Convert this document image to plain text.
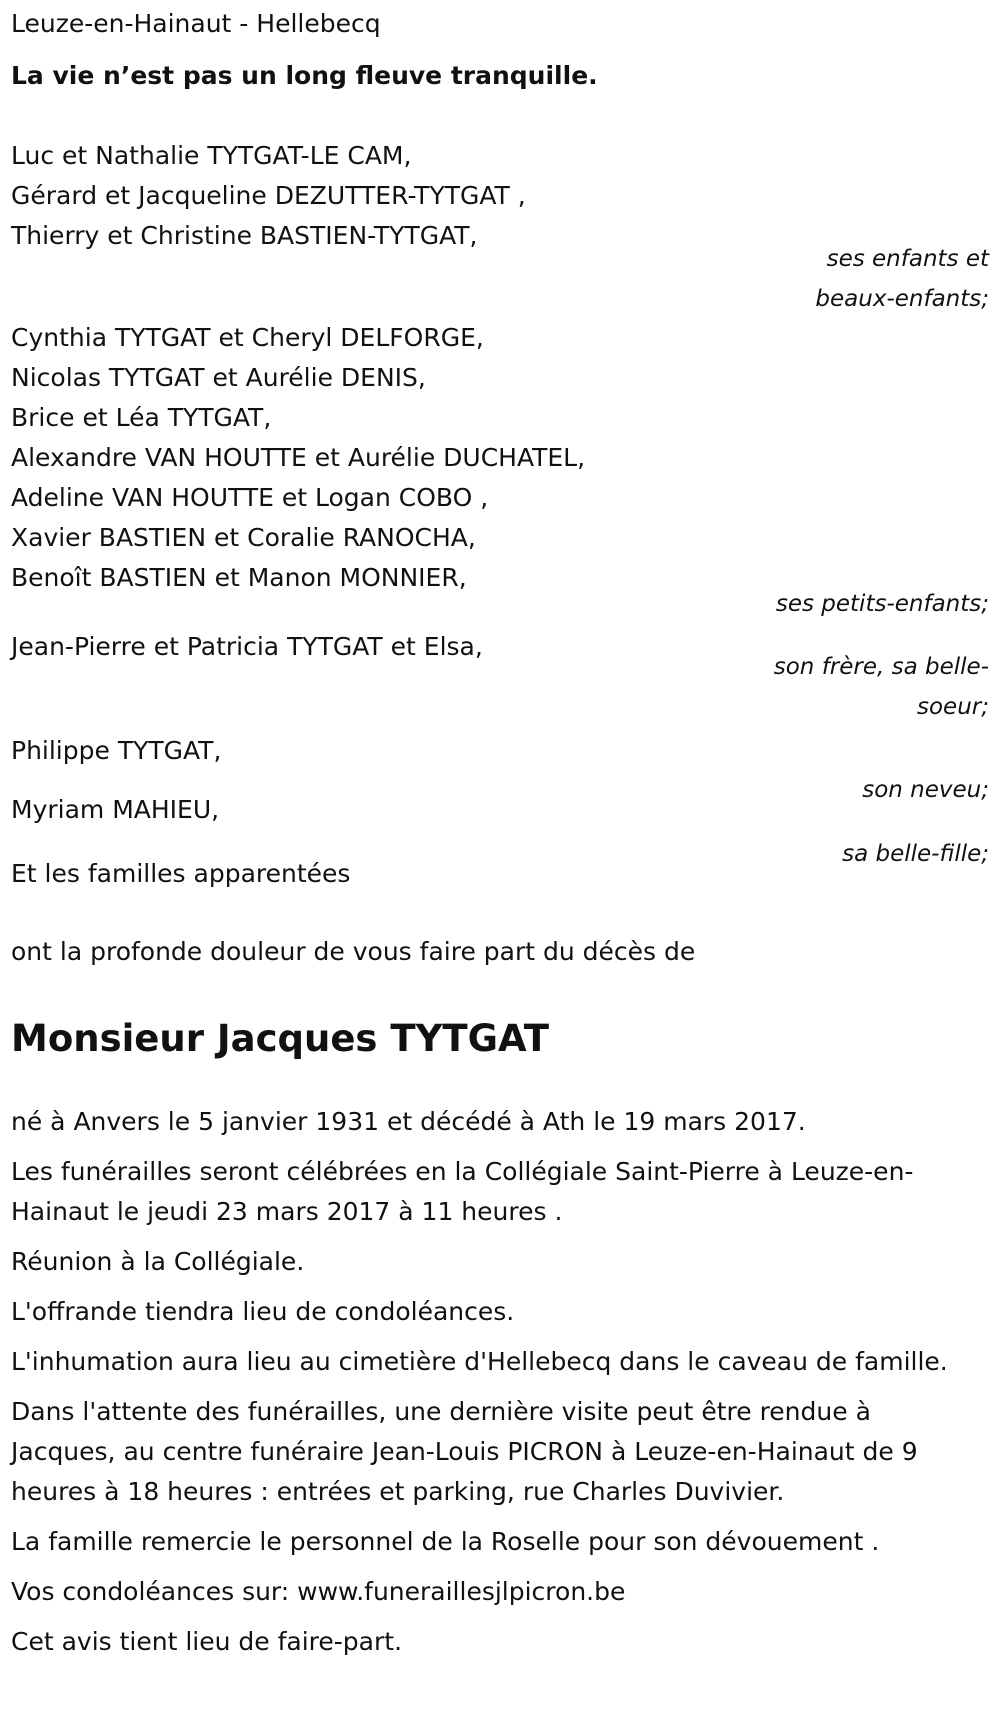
Leuze-en-Hainaut - Hellebecq

La vie n’est pas un long fleuve tranquille.

Luc et Nathalie TYTGAT-LE CAM,

Gérard et Jacqueline DEZUTTER-TYTGAT ,

Thierry et Christine BASTIEN-TYTGAT,

ses enfants et

beaux-enfants;

Cynthia TYTGAT et Cheryl DELFORGE,

Nicolas TYTGAT et Aurélie DENIS,

Brice et Léa TYTGAT,

Alexandre VAN HOUTTE et Aurélie DUCHATEL,

Adeline VAN HOUTTE et Logan COBO ,

Xavier BASTIEN et Coralie RANOCHA,

Benoît BASTIEN et Manon MONNIER,

ses petits-enfants;

Jean-Pierre et Patricia TYTGAT et Elsa,

son frère, sa belle-

soeur;

Philippe TYTGAT,

son neveu;

Myriam MAHIEU,

sa belle-fille;

Et les familles apparentées

ont la profonde douleur de vous faire part du décès de

Monsieur Jacques TYTGAT

né à Anvers le 5 janvier 1931 et décédé à Ath le 19 mars 2017.

Les funérailles seront célébrées en la Collégiale Saint-Pierre à Leuze-en-Hainaut le jeudi 23 mars 2017 à 11 heures .

Réunion à la Collégiale.

L'offrande tiendra lieu de condoléances.

L'inhumation aura lieu au cimetière d'Hellebecq dans le caveau de famille.

Dans l'attente des funérailles, une dernière visite peut être rendue à Jacques, au centre funéraire Jean-Louis PICRON à Leuze-en-Hainaut de 9 heures à 18 heures : entrées et parking, rue Charles Duvivier.

La famille remercie le personnel de la Roselle pour son dévouement .

Vos condoléances sur: www.funeraillesjlpicron.be

Cet avis tient lieu de faire-part.
